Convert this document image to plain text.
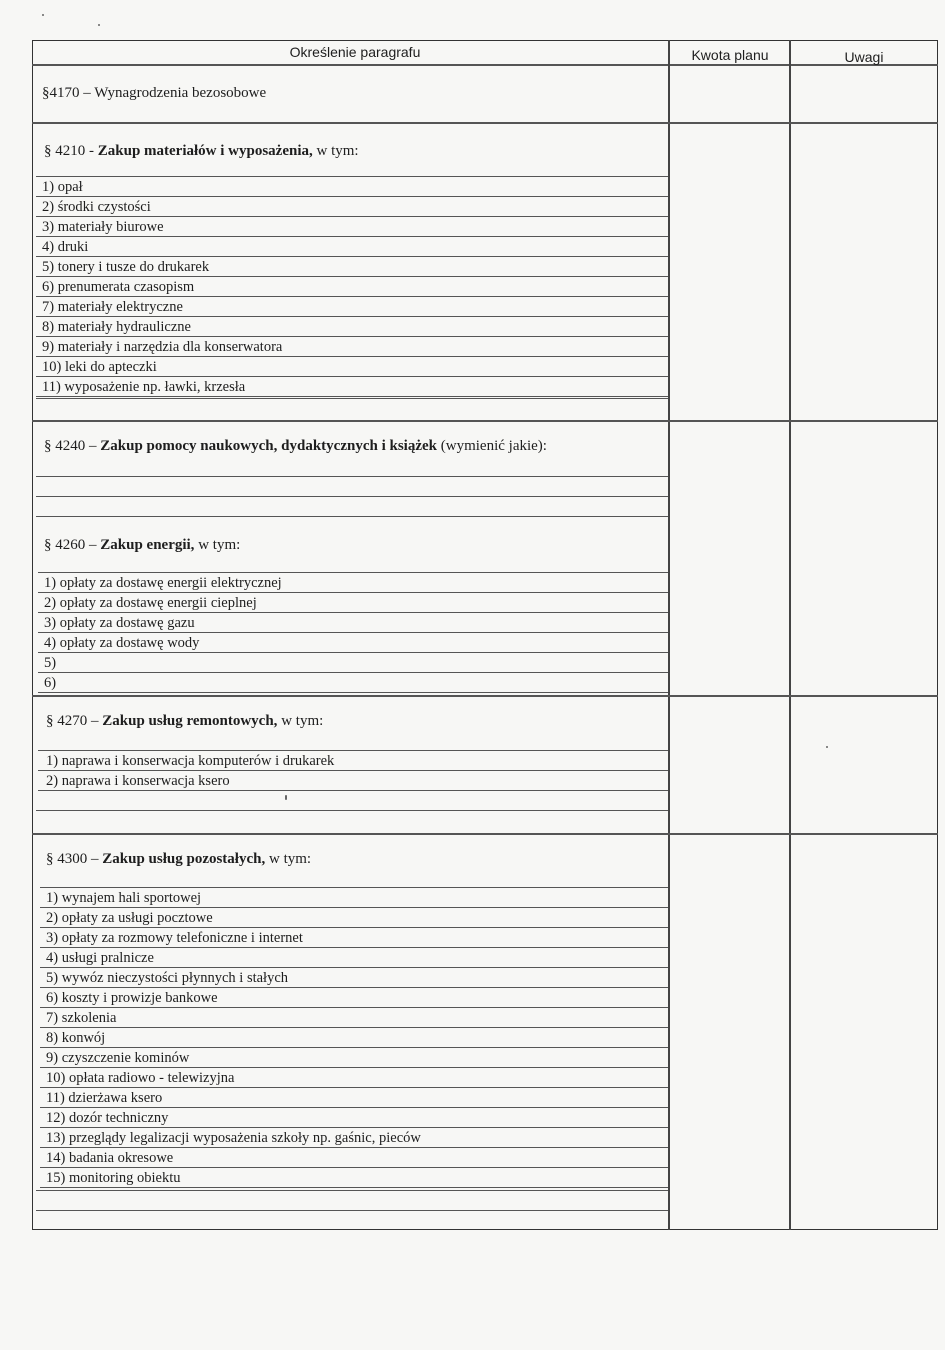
Określenie paragrafu	Kwota planu	Uwagi
§4170 – Wynagrodzenia bezosobowe
§ 4210 - Zakup materiałów i wyposażenia, w tym:
1) opał
2) środki czystości
3) materiały biurowe
4) druki
5) tonery i tusze do drukarek
6) prenumerata czasopism
7) materiały elektryczne
8) materiały hydrauliczne
9) materiały i narzędzia dla konserwatora
10) leki do apteczki
11) wyposażenie np. ławki, krzesła
§ 4240 – Zakup pomocy naukowych, dydaktycznych i książek (wymienić jakie):
§ 4260 – Zakup energii, w tym:
1) opłaty za dostawę energii elektrycznej
2) opłaty za dostawę energii cieplnej
3) opłaty za dostawę gazu
4) opłaty za dostawę wody
5)
6)
§ 4270 – Zakup usług remontowych, w tym:
1) naprawa i konserwacja komputerów i drukarek
2) naprawa i konserwacja ksero
§ 4300 – Zakup usług pozostałych, w tym:
1) wynajem hali sportowej
2) opłaty za usługi pocztowe
3) opłaty za rozmowy telefoniczne i internet
4) usługi pralnicze
5) wywóz nieczystości płynnych i stałych
6) koszty i prowizje bankowe
7) szkolenia
8) konwój
9) czyszczenie kominów
10) opłata radiowo - telewizyjna
11) dzierżawa ksero
12) dozór techniczny
13) przeglądy legalizacji wyposażenia szkoły np. gaśnic, pieców
14) badania okresowe
15) monitoring obiektu
